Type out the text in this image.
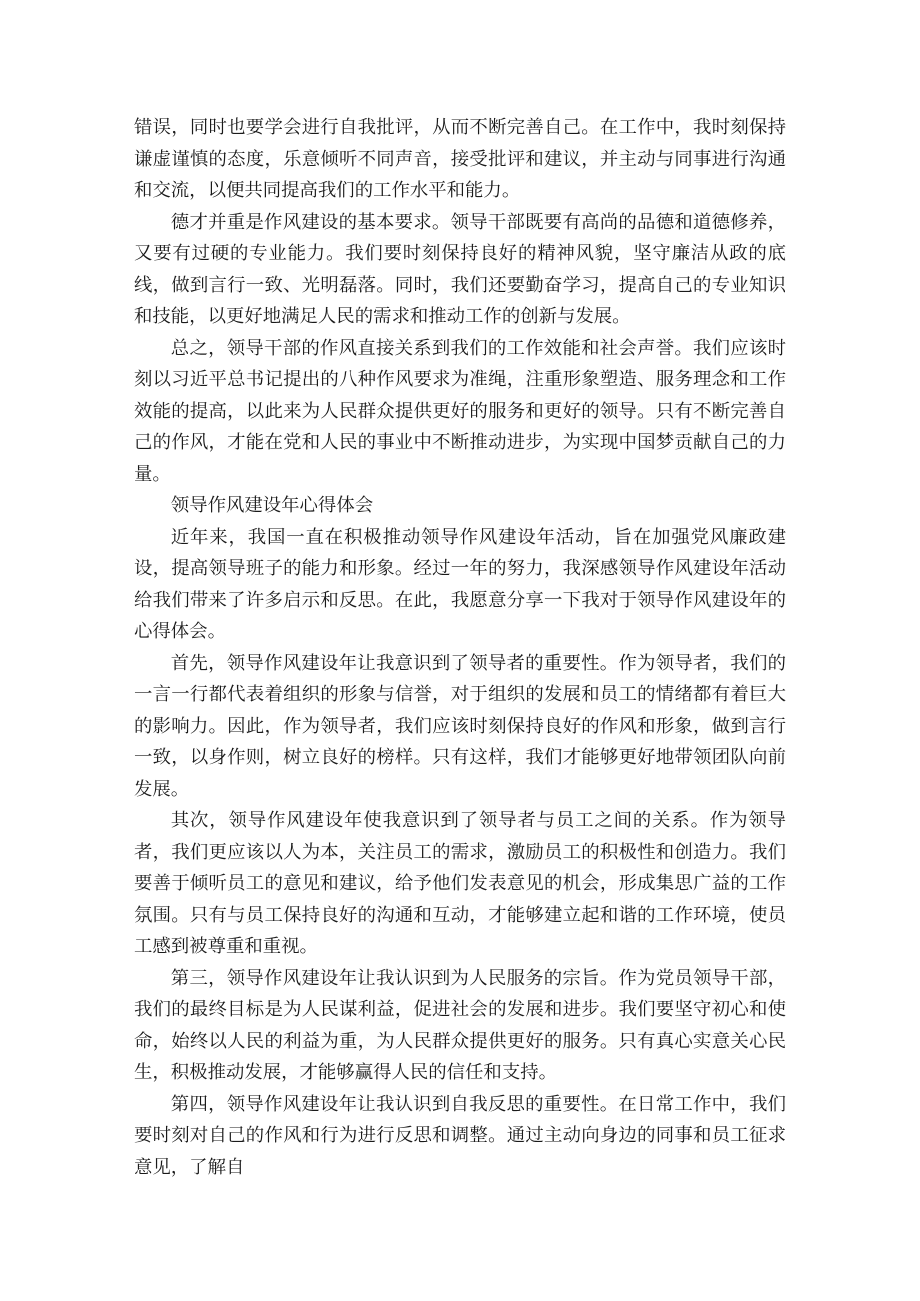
错误，同时也要学会进行自我批评，从而不断完善自己。在工作中，我时刻保持谦虚谨慎的态度，乐意倾听不同声音，接受批评和建议，并主动与同事进行沟通和交流，以便共同提高我们的工作水平和能力。

德才并重是作风建设的基本要求。领导干部既要有高尚的品德和道德修养，又要有过硬的专业能力。我们要时刻保持良好的精神风貌，坚守廉洁从政的底线，做到言行一致、光明磊落。同时，我们还要勤奋学习，提高自己的专业知识和技能，以更好地满足人民的需求和推动工作的创新与发展。

总之，领导干部的作风直接关系到我们的工作效能和社会声誉。我们应该时刻以习近平总书记提出的八种作风要求为准绳，注重形象塑造、服务理念和工作效能的提高，以此来为人民群众提供更好的服务和更好的领导。只有不断完善自己的作风，才能在党和人民的事业中不断推动进步，为实现中国梦贡献自己的力量。

领导作风建设年心得体会

近年来，我国一直在积极推动领导作风建设年活动，旨在加强党风廉政建设，提高领导班子的能力和形象。经过一年的努力，我深感领导作风建设年活动给我们带来了许多启示和反思。在此，我愿意分享一下我对于领导作风建设年的心得体会。

首先，领导作风建设年让我意识到了领导者的重要性。作为领导者，我们的一言一行都代表着组织的形象与信誉，对于组织的发展和员工的情绪都有着巨大的影响力。因此，作为领导者，我们应该时刻保持良好的作风和形象，做到言行一致，以身作则，树立良好的榜样。只有这样，我们才能够更好地带领团队向前发展。

其次，领导作风建设年使我意识到了领导者与员工之间的关系。作为领导者，我们更应该以人为本，关注员工的需求，激励员工的积极性和创造力。我们要善于倾听员工的意见和建议，给予他们发表意见的机会，形成集思广益的工作氛围。只有与员工保持良好的沟通和互动，才能够建立起和谐的工作环境，使员工感到被尊重和重视。

第三，领导作风建设年让我认识到为人民服务的宗旨。作为党员领导干部，我们的最终目标是为人民谋利益，促进社会的发展和进步。我们要坚守初心和使命，始终以人民的利益为重，为人民群众提供更好的服务。只有真心实意关心民生，积极推动发展，才能够赢得人民的信任和支持。

第四，领导作风建设年让我认识到自我反思的重要性。在日常工作中，我们要时刻对自己的作风和行为进行反思和调整。通过主动向身边的同事和员工征求意见，了解自
